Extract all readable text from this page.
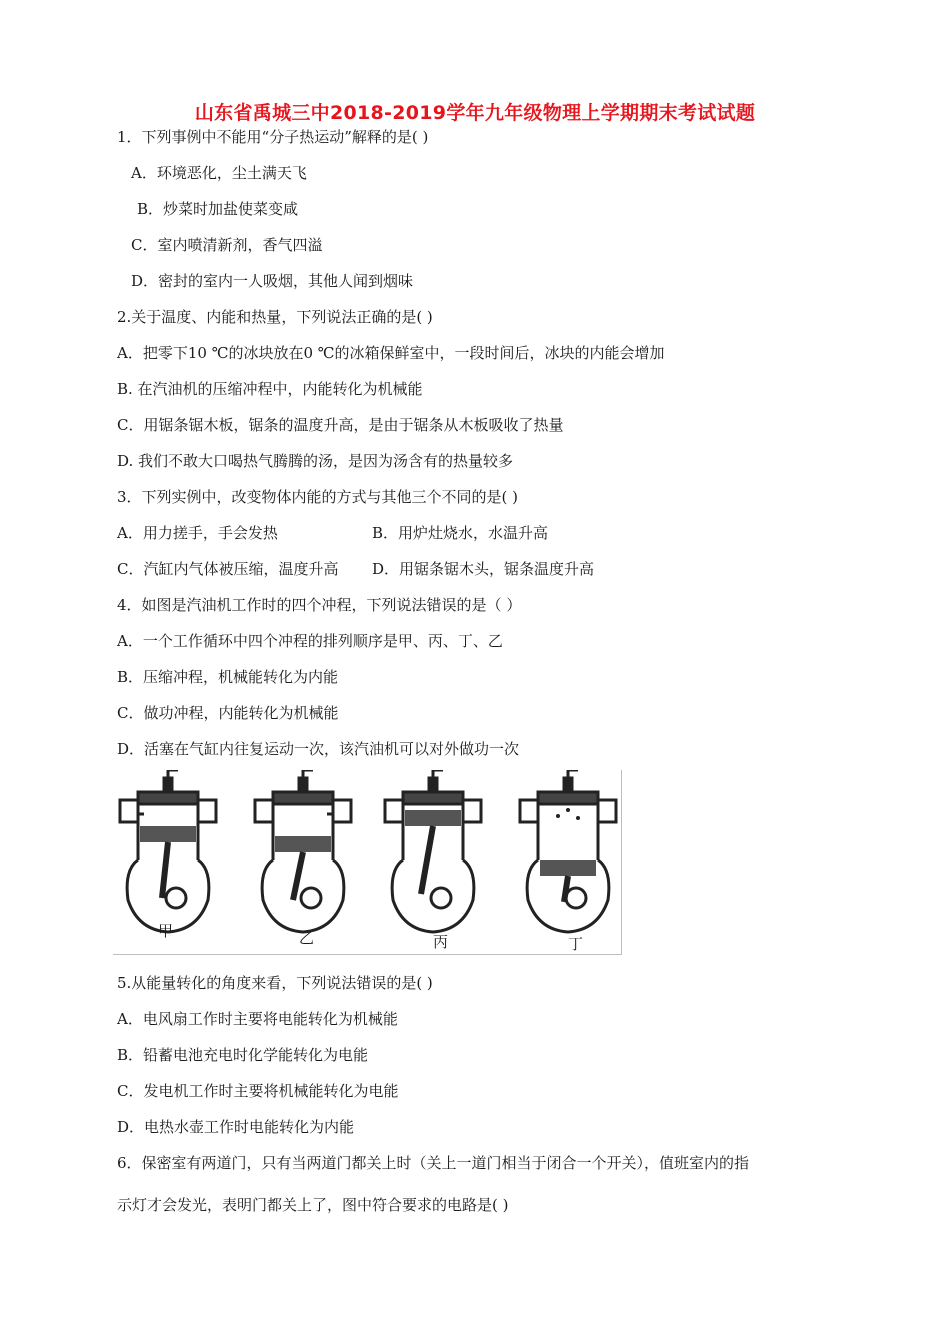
山东省禹城三中2018-2019学年九年级物理上学期期末考试试题
1．下列事例中不能用“分子热运动”解释的是( )
A．环境恶化，尘土满天飞
B．炒菜时加盐使菜变咸
C．室内喷清新剂，香气四溢
D．密封的室内一人吸烟，其他人闻到烟味
2.关于温度、内能和热量，下列说法正确的是( )
A．把零下10 ℃的冰块放在0 ℃的冰箱保鲜室中，一段时间后，冰块的内能会增加
B. 在汽油机的压缩冲程中，内能转化为机械能
C．用锯条锯木板，锯条的温度升高，是由于锯条从木板吸收了热量
D. 我们不敢大口喝热气腾腾的汤，是因为汤含有的热量较多
3．下列实例中，改变物体内能的方式与其他三个不同的是( )
A．用力搓手，手会发热	B．用炉灶烧水，水温升高
C．汽缸内气体被压缩，温度升高 D．用锯条锯木头，锯条温度升高
4．如图是汽油机工作时的四个冲程，下列说法错误的是（ ）
A．一个工作循环中四个冲程的排列顺序是甲、丙、丁、乙
B．压缩冲程，机械能转化为内能
C．做功冲程，内能转化为机械能
D．活塞在气缸内往复运动一次，该汽油机可以对外做功一次
甲	乙	丙	丁
5.从能量转化的角度来看，下列说法错误的是( )
A．电风扇工作时主要将电能转化为机械能
B．铅蓄电池充电时化学能转化为电能
C．发电机工作时主要将机械能转化为电能
D．电热水壶工作时电能转化为内能
6．保密室有两道门，只有当两道门都关上时（关上一道门相当于闭合一个开关），值班室内的指
示灯才会发光，表明门都关上了，图中符合要求的电路是( )
